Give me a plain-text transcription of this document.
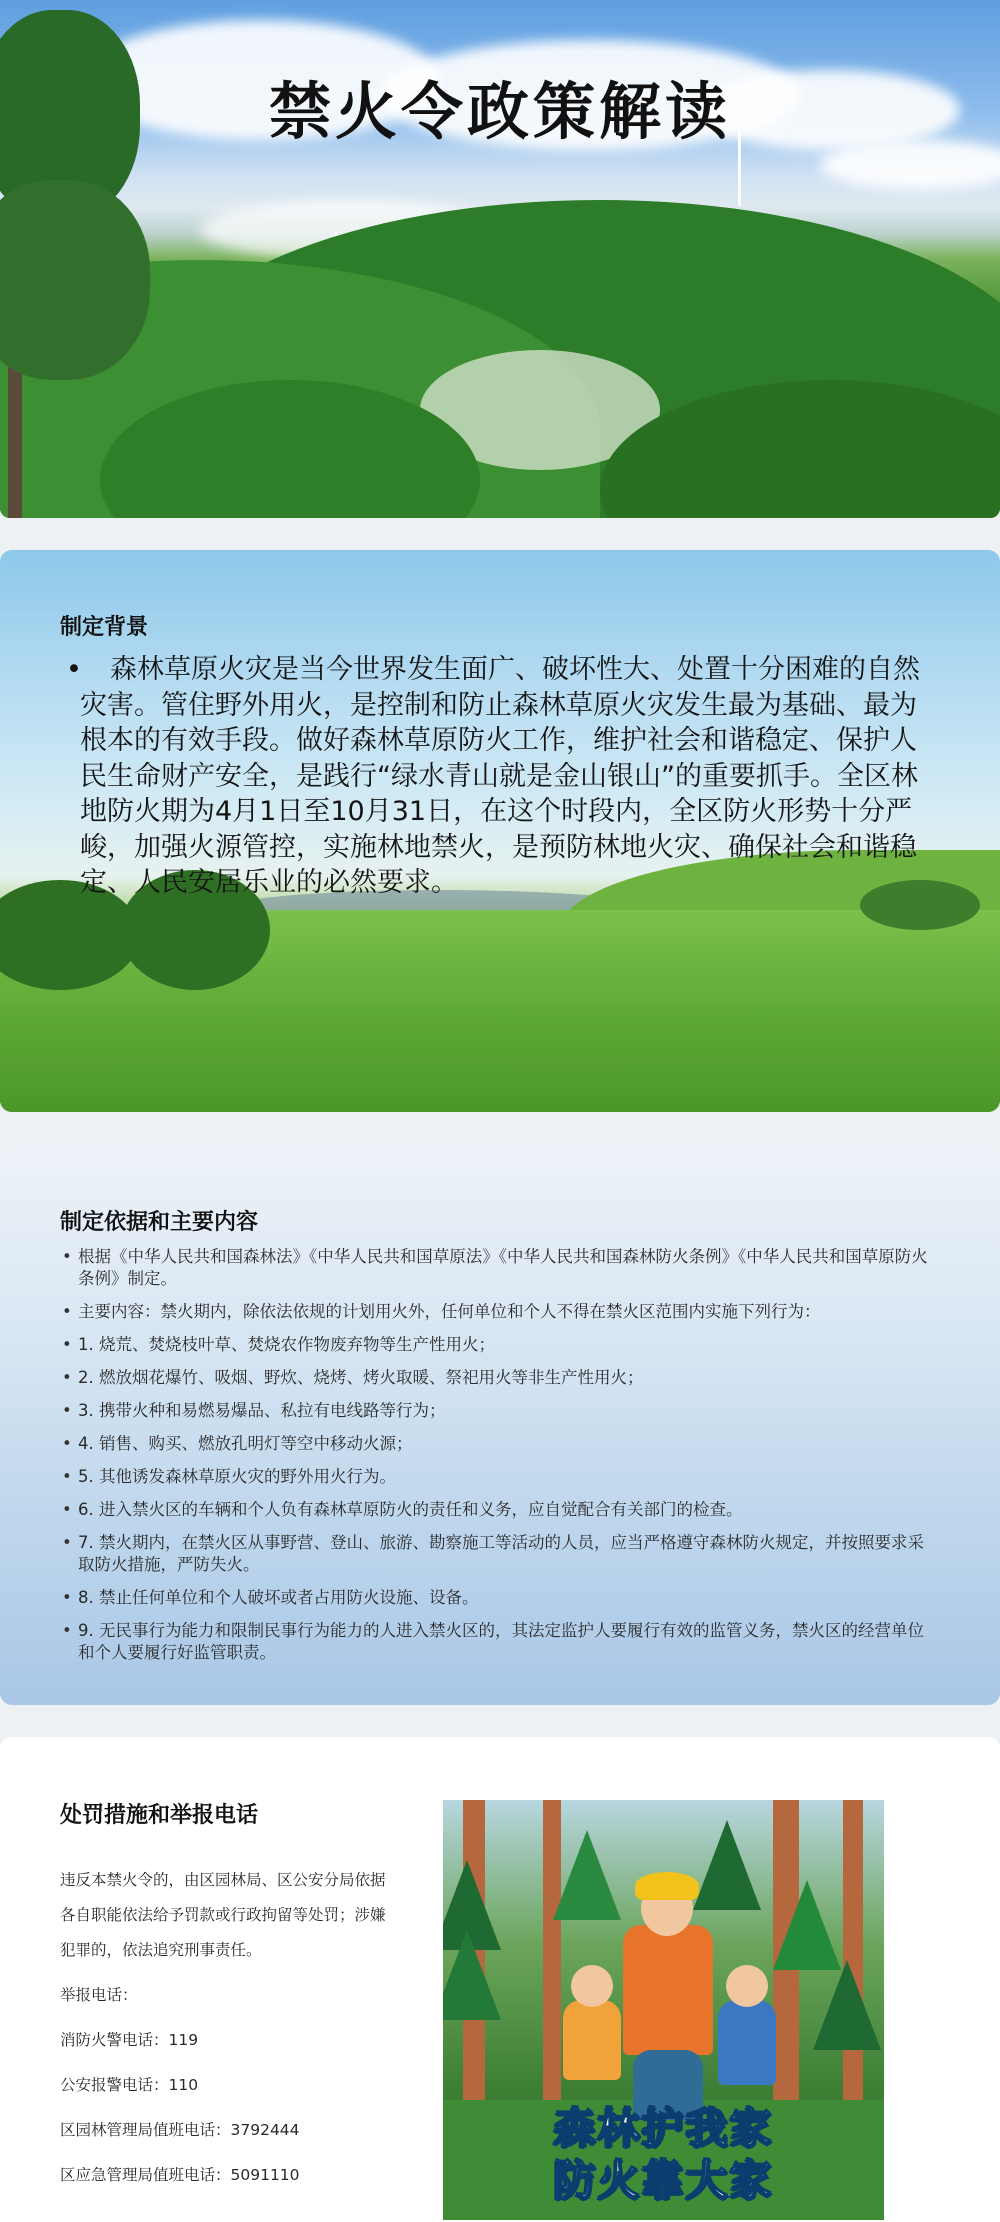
禁火令政策解读
制定背景
•	森林草原火灾是当今世界发生面广、破坏性大、处置十分困难的自然灾害。管住野外用火，是控制和防止森林草原火灾发生最为基础、最为根本的有效手段。做好森林草原防火工作，维护社会和谐稳定、保护人民生命财产安全，是践行“绿水青山就是金山银山”的重要抓手。全区林地防火期为4月1日至10月31日，在这个时段内，全区防火形势十分严峻，加强火源管控，实施林地禁火，是预防林地火灾、确保社会和谐稳定、人民安居乐业的必然要求。

制定依据和主要内容
• 根据《中华人民共和国森林法》《中华人民共和国草原法》《中华人民共和国森林防火条例》《中华人民共和国草原防火条例》制定。
• 主要内容：禁火期内，除依法依规的计划用火外，任何单位和个人不得在禁火区范围内实施下列行为：
• 1. 烧荒、焚烧枝叶草、焚烧农作物废弃物等生产性用火；
• 2. 燃放烟花爆竹、吸烟、野炊、烧烤、烤火取暖、祭祀用火等非生产性用火；
• 3. 携带火种和易燃易爆品、私拉有电线路等行为；
• 4. 销售、购买、燃放孔明灯等空中移动火源；
• 5. 其他诱发森林草原火灾的野外用火行为。
• 6. 进入禁火区的车辆和个人负有森林草原防火的责任和义务，应自觉配合有关部门的检查。
• 7. 禁火期内，在禁火区从事野营、登山、旅游、勘察施工等活动的人员，应当严格遵守森林防火规定，并按照要求采取防火措施，严防失火。
• 8. 禁止任何单位和个人破坏或者占用防火设施、设备。
• 9. 无民事行为能力和限制民事行为能力的人进入禁火区的，其法定监护人要履行有效的监管义务，禁火区的经营单位和个人要履行好监管职责。
处罚措施和举报电话
违反本禁火令的，由区园林局、区公安分局依据各自职能依法给予罚款或行政拘留等处罚；涉嫌犯罪的，依法追究刑事责任。
举报电话：
消防火警电话：119
公安报警电话：110
区园林管理局值班电话：3792444
区应急管理局值班电话：5091110
森林护我家
防火靠大家
